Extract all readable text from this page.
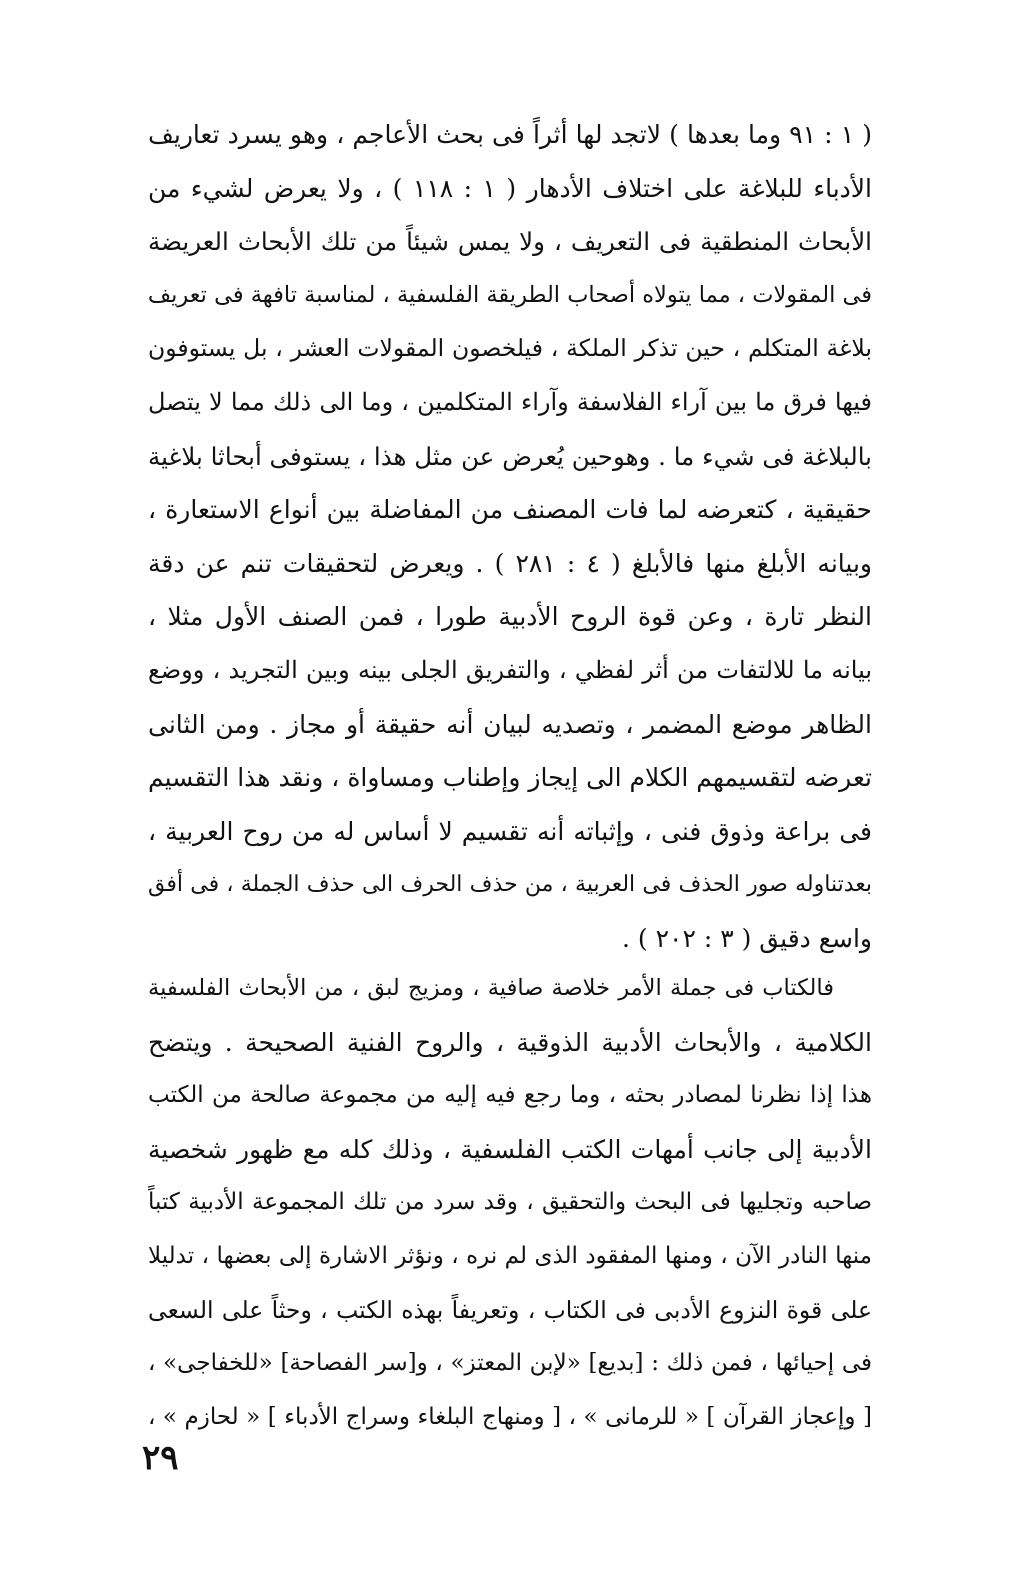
( ١ : ٩١ وما بعدها ) لاتجد لها أثراً فى بحث الأعاجم ، وهو يسرد تعاريف
الأدباء للبلاغة على اختلاف الأدهار ( ١ : ١١٨ ) ، ولا يعرض لشيء من
الأبحاث المنطقية فى التعريف ، ولا يمس شيئاً من تلك الأبحاث العريضة
فى المقولات ، مما يتولاه أصحاب الطريقة الفلسفية ، لمناسبة تافهة فى تعريف
بلاغة المتكلم ، حين تذكر الملكة ، فيلخصون المقولات العشر ، بل يستوفون
فيها فرق ما بين آراء الفلاسفة وآراء المتكلمين ، وما الى ذلك مما لا يتصل
بالبلاغة فى شيء ما . وهوحين يُعرض عن مثل هذا ، يستوفى أبحاثا بلاغية
حقيقية ، كتعرضه لما فات المصنف من المفاضلة بين أنواع الاستعارة ،
وبيانه الأبلغ منها فالأبلغ ( ٤ : ٢٨١ ) . ويعرض لتحقيقات تنم عن دقة
النظر تارة ، وعن قوة الروح الأدبية طورا ، فمن الصنف الأول مثلا ،
بيانه ما للالتفات من أثر لفظي ، والتفريق الجلى بينه وبين التجريد ، ووضع
الظاهر موضع المضمر ، وتصديه لبيان أنه حقيقة أو مجاز . ومن الثانى
تعرضه لتقسيمهم الكلام الى إيجاز وإطناب ومساواة ، ونقد هذا التقسيم
فى براعة وذوق فنى ، وإثباته أنه تقسيم لا أساس له من روح العربية ،
بعدتناوله صور الحذف فى العربية ، من حذف الحرف الى حذف الجملة ، فى أفق
واسع دقيق ( ٣ : ٢٠٢ ) .
فالكتاب فى جملة الأمر خلاصة صافية ، ومزيج لبق ، من الأبحاث الفلسفية
الكلامية ، والأبحاث الأدبية الذوقية ، والروح الفنية الصحيحة . ويتضح
هذا إذا نظرنا لمصادر بحثه ، وما رجع فيه إليه من مجموعة صالحة من الكتب
الأدبية إلى جانب أمهات الكتب الفلسفية ، وذلك كله مع ظهور شخصية
صاحبه وتجليها فى البحث والتحقيق ، وقد سرد من تلك المجموعة الأدبية كتباً
منها النادر الآن ، ومنها المفقود الذى لم نره ، ونؤثر الاشارة إلى بعضها ، تدليلا
على قوة النزوع الأدبى فى الكتاب ، وتعريفاً بهذه الكتب ، وحثاً على السعى
فى إحيائها ، فمن ذلك : [بديع] «لإبن المعتز» ، و[سر الفصاحة] «للخفاجى» ،
[ وإعجاز القرآن ] « للرمانى » ، [ ومنهاج البلغاء وسراج الأدباء ] « لحازم » ،
٢٩
